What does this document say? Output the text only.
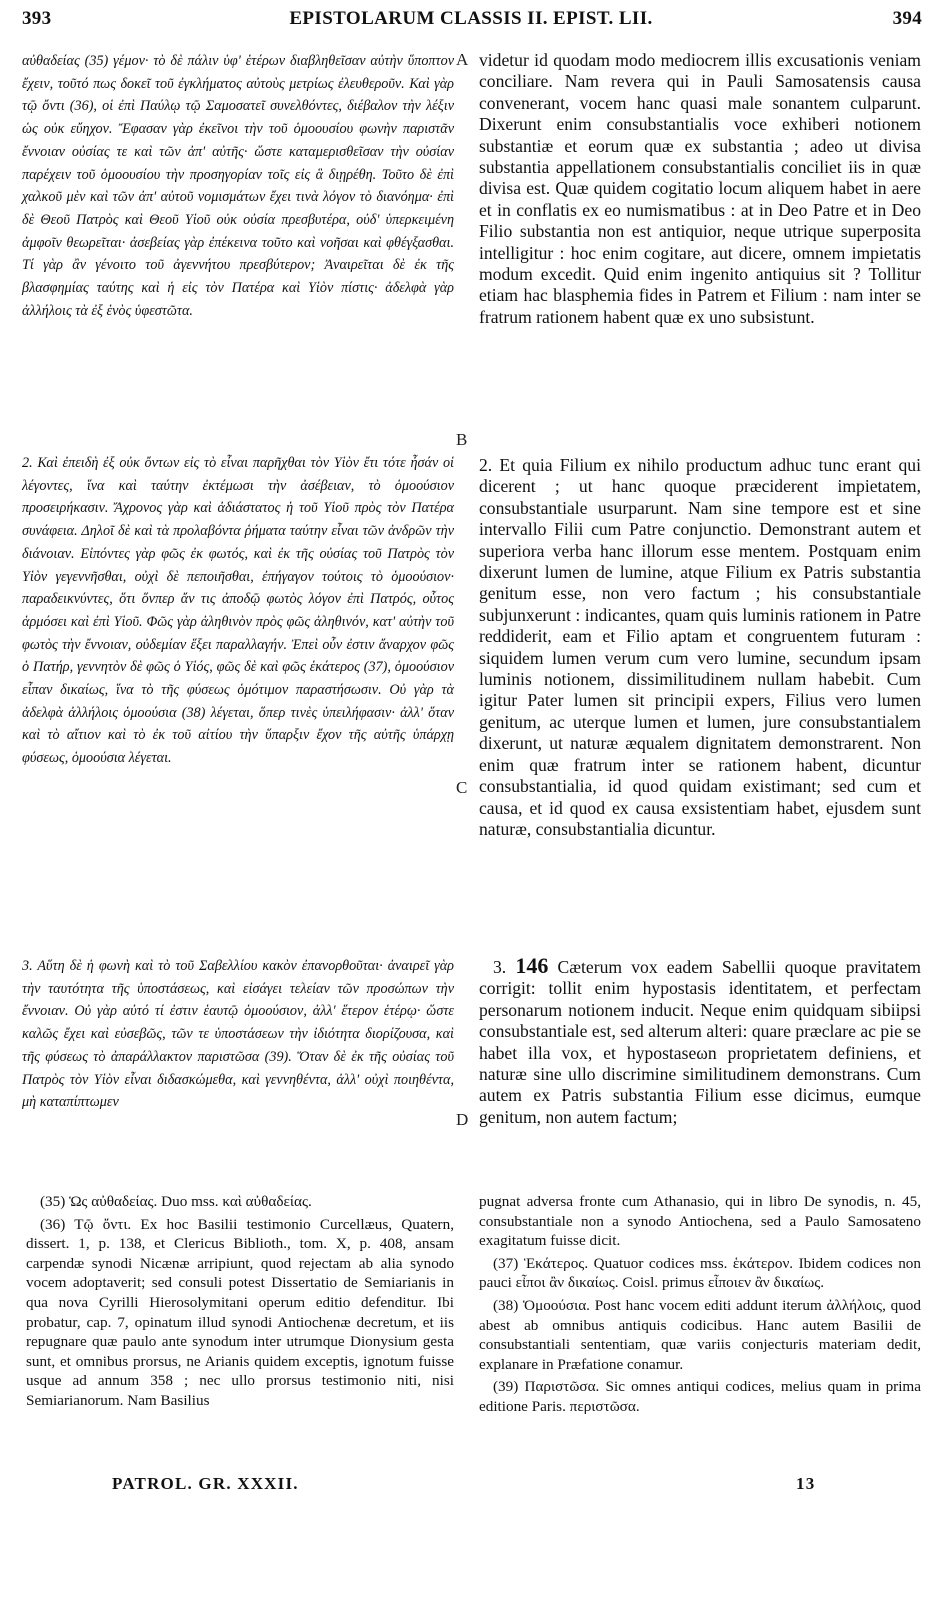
393	EPISTOLARUM CLASSIS II. EPIST. LII.	394
A
B
C
D

αὐθαδείας (35) γέμον· τὸ δὲ πάλιν ὑφ' ἑτέρων διαβληθεῖσαν αὐτὴν ὕποπτον ἔχειν, τοῦτό πως δοκεῖ τοῦ ἐγκλήματος αὐτοὺς μετρίως ἐλευθεροῦν. Καὶ γὰρ τῷ ὄντι (36), οἱ ἐπὶ Παύλῳ τῷ Σαμοσατεῖ συνελθόντες, διέβαλον τὴν λέξιν ὡς οὐκ εὔηχον. Ἔφασαν γὰρ ἐκεῖνοι τὴν τοῦ ὁμοουσίου φωνὴν παριστᾶν ἔννοιαν οὐσίας τε καὶ τῶν ἀπ' αὐτῆς· ὥστε καταμερισθεῖσαν τὴν οὐσίαν παρέχειν τοῦ ὁμοουσίου τὴν προσηγορίαν τοῖς εἰς ἃ διῃρέθη. Τοῦτο δὲ ἐπὶ χαλκοῦ μὲν καὶ τῶν ἀπ' αὐτοῦ νομισμάτων ἔχει τινὰ λόγον τὸ διανόημα· ἐπὶ δὲ Θεοῦ Πατρὸς καὶ Θεοῦ Υἱοῦ οὐκ οὐσία πρεσβυτέρα, οὐδ' ὑπερκειμένη ἀμφοῖν θεωρεῖται· ἀσεβείας γὰρ ἐπέκεινα τοῦτο καὶ νοῆσαι καὶ φθέγξασθαι. Τί γὰρ ἂν γένοιτο τοῦ ἀγεννήτου πρεσβύτερον; Ἀναιρεῖται δὲ ἐκ τῆς βλασφημίας ταύτης καὶ ἡ εἰς τὸν Πατέρα καὶ Υἱὸν πίστις· ἀδελφὰ γὰρ ἀλλήλοις τὰ ἐξ ἑνὸς ὑφεστῶτα.

2. Καὶ ἐπειδὴ ἐξ οὐκ ὄντων εἰς τὸ εἶναι παρῆχθαι τὸν Υἱὸν ἔτι τότε ἦσάν οἱ λέγοντες, ἵνα καὶ ταύτην ἐκτέμωσι τὴν ἀσέβειαν, τὸ ὁμοούσιον προσειρήκασιν. Ἄχρονος γὰρ καὶ ἀδιάστατος ἡ τοῦ Υἱοῦ πρὸς τὸν Πατέρα συνάφεια. Δηλοῖ δὲ καὶ τὰ προλαβόντα ῥήματα ταύτην εἶναι τῶν ἀνδρῶν τὴν διάνοιαν. Εἰπόντες γὰρ φῶς ἐκ φωτός, καὶ ἐκ τῆς οὐσίας τοῦ Πατρὸς τὸν Υἱὸν γεγεννῆσθαι, οὐχὶ δὲ πεποιῆσθαι, ἐπήγαγον τούτοις τὸ ὁμοούσιον· παραδεικνύντες, ὅτι ὅνπερ ἄν τις ἀποδῷ φωτὸς λόγον ἐπὶ Πατρός, οὗτος ἁρμόσει καὶ ἐπὶ Υἱοῦ. Φῶς γὰρ ἀληθινὸν πρὸς φῶς ἀληθινόν, κατ' αὐτὴν τοῦ φωτὸς τὴν ἔννοιαν, οὐδεμίαν ἕξει παραλλαγήν. Ἐπεὶ οὖν ἐστιν ἄναρχον φῶς ὁ Πατήρ, γεννητὸν δὲ φῶς ὁ Υἱός, φῶς δὲ καὶ φῶς ἑκάτερος (37), ὁμοούσιον εἶπαν δικαίως, ἵνα τὸ τῆς φύσεως ὁμότιμον παραστήσωσιν. Οὐ γὰρ τὰ ἀδελφὰ ἀλλήλοις ὁμοούσια (38) λέγεται, ὅπερ τινὲς ὑπειλήφασιν· ἀλλ' ὅταν καὶ τὸ αἴτιον καὶ τὸ ἐκ τοῦ αἰτίου τὴν ὕπαρξιν ἔχον τῆς αὐτῆς ὑπάρχῃ φύσεως, ὁμοούσια λέγεται.

3. Αὕτη δὲ ἡ φωνὴ καὶ τὸ τοῦ Σαβελλίου κακὸν ἐπανορθοῦται· ἀναιρεῖ γὰρ τὴν ταυτότητα τῆς ὑποστάσεως, καὶ εἰσάγει τελείαν τῶν προσώπων τὴν ἔννοιαν. Οὐ γὰρ αὐτό τί ἐστιν ἑαυτῷ ὁμοούσιον, ἀλλ' ἕτερον ἑτέρῳ· ὥστε καλῶς ἔχει καὶ εὐσεβῶς, τῶν τε ὑποστάσεων τὴν ἰδιότητα διορίζουσα, καὶ τῆς φύσεως τὸ ἀπαράλλακτον παριστῶσα (39). Ὅταν δὲ ἐκ τῆς οὐσίας τοῦ Πατρὸς τὸν Υἱὸν εἶναι διδασκώμεθα, καὶ γεννηθέντα, ἀλλ' οὐχὶ ποιηθέντα, μὴ καταπίπτωμεν

videtur id quodam modo mediocrem illis excusationis veniam conciliare. Nam revera qui in Pauli Samosatensis causa convenerant, vocem hanc quasi male sonantem culparunt. Dixerunt enim consubstantialis voce exhiberi notionem substantiæ et eorum quæ ex substantia ; adeo ut divisa substantia appellationem consubstantialis conciliet iis in quæ divisa est. Quæ quidem cogitatio locum aliquem habet in aere et in conflatis ex eo numismatibus : at in Deo Patre et in Deo Filio substantia non est antiquior, neque utrique superposita intelligitur : hoc enim cogitare, aut dicere, omnem impietatis modum excedit. Quid enim ingenito antiquius sit ? Tollitur etiam hac blasphemia fides in Patrem et Filium : nam inter se fratrum rationem habent quæ ex uno subsistunt.

2. Et quia Filium ex nihilo productum adhuc tunc erant qui dicerent ; ut hanc quoque præciderent impietatem, consubstantiale usurparunt. Nam sine tempore est et sine intervallo Filii cum Patre conjunctio. Demonstrant autem et superiora verba hanc illorum esse mentem. Postquam enim dixerunt lumen de lumine, atque Filium ex Patris substantia genitum esse, non vero factum ; his consubstantiale subjunxerunt : indicantes, quam quis luminis rationem in Patre reddiderit, eam et Filio aptam et congruentem futuram : siquidem lumen verum cum vero lumine, secundum ipsam luminis notionem, dissimilitudinem nullam habebit. Cum igitur Pater lumen sit principii expers, Filius vero lumen genitum, ac uterque lumen et lumen, jure consubstantialem dixerunt, ut naturæ æqualem dignitatem demonstrarent. Non enim quæ fratrum inter se rationem habent, dicuntur consubstantialia, id quod quidam existimant; sed cum et causa, et id quod ex causa exsistentiam habet, ejusdem sunt naturæ, consubstantialia dicuntur.

3. 146 Cæterum vox eadem Sabellii quoque pravitatem corrigit: tollit enim hypostasis identitatem, et perfectam personarum notionem inducit. Neque enim quidquam sibiipsi consubstantiale est, sed alterum alteri: quare præclare ac pie se habet illa vox, et hypostaseωn proprietatem definiens, et naturæ sine ullo discrimine similitudinem demonstrans. Cum autem ex Patris substantia Filium esse dicimus, eumque genitum, non autem factum;

(35) Ὡς αὐθαδείας. Duo mss. καὶ αὐθαδείας.

(36) Τῷ ὄντι. Ex hoc Basilii testimonio Curcellæus, Quatern, dissert. 1, p. 138, et Clericus Biblioth., tom. X, p. 408, ansam carpendæ synodi Nicænæ arripiunt, quod rejectam ab alia synodo vocem adoptaverit; sed consuli potest Dissertatio de Semiarianis in qua nova Cyrilli Hierosolymitani operum editio defenditur. Ibi probatur, cap. 7, opinatum illud synodi Antiochenæ decretum, et iis repugnare quæ paulo ante synodum inter utrumque Dionysium gesta sunt, et omnibus prorsus, ne Arianis quidem exceptis, ignotum fuisse usque ad annum 358 ; nec ullo prorsus testimonio niti, nisi Semiarianorum. Nam Basilius

pugnat adversa fronte cum Athanasio, qui in libro De synodis, n. 45, consubstantiale non a synodo Antiochena, sed a Paulo Samosateno exagitatum fuisse dicit.

(37) Ἑκάτερος. Quatuor codices mss. ἑκάτερον. Ibidem codices non pauci εἶποι ἂν δικαίως. Coisl. primus εἶποιεν ἂν δικαίως.

(38) Ὁμοούσια. Post hanc vocem editi addunt iterum ἀλλήλοις, quod abest ab omnibus antiquis codicibus. Hanc autem Basilii de consubstantiali sententiam, quæ variis conjecturis materiam dedit, explanare in Præfatione conamur.

(39) Παριστῶσα. Sic omnes antiqui codices, melius quam in prima editione Paris. περιστῶσα.

PATROL. GR. XXXII.	13
